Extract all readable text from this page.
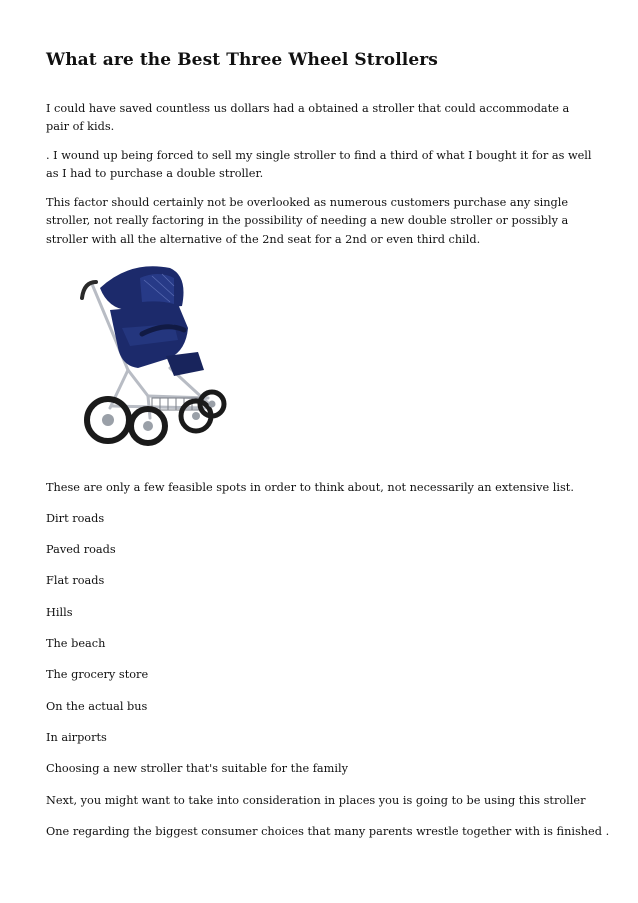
What are the Best Three Wheel Strollers

I could have saved countless us dollars had a obtained a stroller that could accommodate a pair of kids.

. I wound up being forced to sell my single stroller to find a third of what I bought it for as well as I had to purchase a double stroller.

This factor should certainly not be overlooked as numerous customers purchase any single stroller, not really factoring in the possibility of needing a new double stroller or possibly a stroller with all the alternative of the 2nd seat for a 2nd or even third child.

These are only a few feasible spots in order to think about, not necessarily an extensive list.

Dirt roads

Paved roads

Flat roads

Hills

The beach

The grocery store

On the actual bus

In airports

Choosing a new stroller that's suitable for the family

Next, you might want to take into consideration in places you is going to be using this stroller

One regarding the biggest consumer choices that many parents wrestle together with is finished .
